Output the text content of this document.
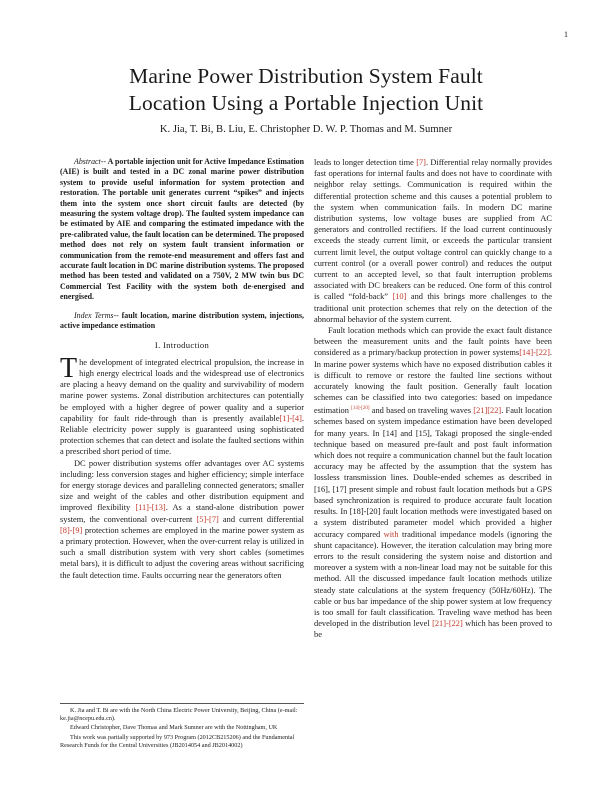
1
Marine Power Distribution System Fault
Location Using a Portable Injection Unit
K. Jia, T. Bi, B. Liu, E. Christopher D. W. P. Thomas and M. Sumner

Abstract-- A portable injection unit for Active Impedance Estimation (AIE) is built and tested in a DC zonal marine power distribution system to provide useful information for system protection and restoration. The portable unit generates current “spikes” and injects them into the system once short circuit faults are detected (by measuring the system voltage drop). The faulted system impedance can be estimated by AIE and comparing the estimated impedance with the pre-calibrated value, the fault location can be determined. The proposed method does not rely on system fault transient information or communication from the remote-end measurement and offers fast and accurate fault location in DC marine distribution systems. The proposed method has been tested and validated on a 750V, 2 MW twin bus DC Commercial Test Facility with the system both de-energised and energised.

Index Terms-- fault location, marine distribution system, injections, active impedance estimation

I. Introduction

The development of integrated electrical propulsion, the increase in high energy electrical loads and the widespread use of electronics are placing a heavy demand on the quality and survivability of modern marine power systems. Zonal distribution architectures can potentially be employed with a higher degree of power quality and a superior capability for fault ride-through than is presently available[1]-[4]. Reliable electricity power supply is guaranteed using sophisticated protection schemes that can detect and isolate the faulted sections within a prescribed short period of time.

DC power distribution systems offer advantages over AC systems including: less conversion stages and higher efficiency; simple interface for energy storage devices and paralleling connected generators; smaller size and weight of the cables and other distribution equipment and improved flexibility [11]-[13]. As a stand-alone distribution power system, the conventional over-current [5]-[7] and current differential [8]-[9] protection schemes are employed in the marine power system as a primary protection. However, when the over-current relay is utilized in such a small distribution system with very short cables (sometimes metal bars), it is difficult to adjust the covering areas without sacrificing the fault detection time. Faults occurring near the generators often

K. Jia and T. Bi are with the North China Electric Power University, Beijing, China (e-mail: ke.jia@ncepu.edu.cn).

Edward Christopher, Dave Thomas and Mark Sumner are with the Nottingham, UK

This work was partially supported by 973 Program (2012CB215206) and the Fundamental Research Funds for the Central Universities (JB2014054 and JB2014002)

leads to longer detection time [7]. Differential relay normally provides fast operations for internal faults and does not have to coordinate with neighbor relay settings. Communication is required within the differential protection scheme and this causes a potential problem to the system when communication fails. In modern DC marine distribution systems, low voltage buses are supplied from AC generators and controlled rectifiers. If the load current continuously exceeds the steady current limit, or exceeds the particular transient current limit level, the output voltage control can quickly change to a current control (or a overall power control) and reduces the output current to an accepted level, so that fault interruption problems associated with DC breakers can be reduced. One form of this control is called “fold-back” [10] and this brings more challenges to the traditional unit protection schemes that rely on the detection of the abnormal behavior of the system current.

Fault location methods which can provide the exact fault distance between the measurement units and the fault points have been considered as a primary/backup protection in power systems[14]-[22]. In marine power systems which have no exposed distribution cables it is difficult to remove or restore the faulted line sections without accurately knowing the fault position. Generally fault location schemes can be classified into two categories: based on impedance estimation [14]-[20] and based on traveling waves [21][22]. Fault location schemes based on system impedance estimation have been developed for many years. In [14] and [15], Takagi proposed the single-ended technique based on measured pre-fault and post fault information which does not require a communication channel but the fault location accuracy may be affected by the assumption that the system has lossless transmission lines. Double-ended schemes as described in [16], [17] present simple and robust fault location methods but a GPS based synchronization is required to produce accurate fault location results. In [18]-[20] fault location methods were investigated based on a system distributed parameter model which provided a higher accuracy compared with traditional impedance models (ignoring the shunt capacitance). However, the iteration calculation may bring more errors to the result considering the system noise and distortion and moreover a system with a non-linear load may not be suitable for this method. All the discussed impedance fault location methods utilize steady state calculations at the system frequency (50Hz/60Hz). The cable or bus bar impedance of the ship power system at low frequency is too small for fault classification. Traveling wave method has been developed in the distribution level [21]-[22] which has been proved to be
